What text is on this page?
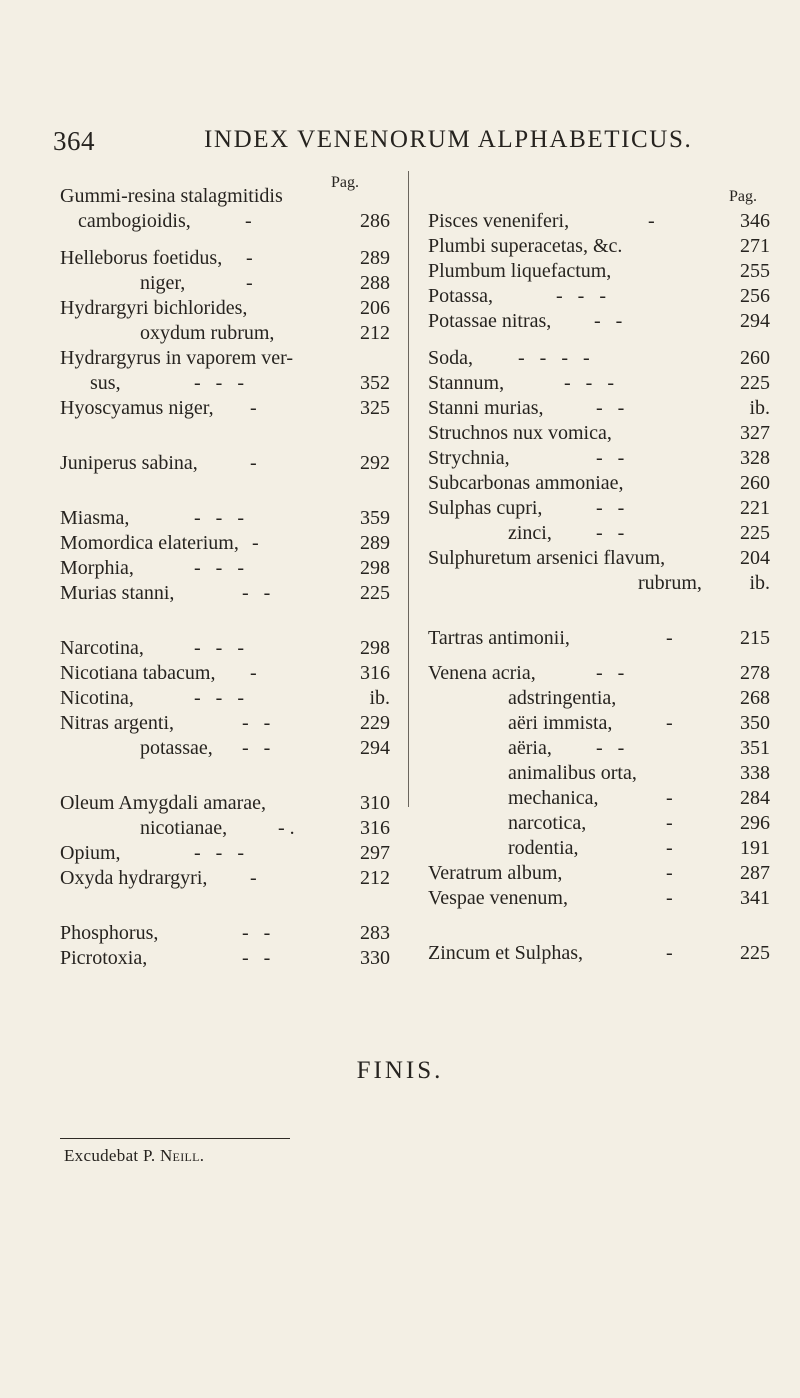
364	INDEX VENENORUM ALPHABETICUS.
Pag.
Gummi-resina stalagmitidis
cambogioidis,	-	286
Helleborus foetidus, -	289
niger,	-	288
Hydrargyri bichlorides,	206
oxydum rubrum,	212
Hydrargyrus in vaporem ver-
sus,	-   -   -	352
Hyoscyamus niger, -	325
Juniperus sabina,	-	292
Miasma,	-   -   -	359
Momordica elaterium, -	289
Morphia,	-   -   -	298
Murias stanni,	-   -	225
Narcotina,	-   -   -	298
Nicotiana tabacum, -	316
Nicotina,	-   -   -	ib.
Nitras argenti,	-   -	229
potassae, -   -	294
Oleum Amygdali amarae,	310
nicotianae,	- .	316
Opium,	-   -   -	297
Oxyda hydrargyri, -	212
Phosphorus,	-   -	283
Picrotoxia,	-   -	330
Pag.
Pisces veneniferi,	-	346
Plumbi superacetas, &c.	271
Plumbum liquefactum,	255
Potassa,	-   -   -	256
Potassae nitras, -   -	294
Soda, -   -   -   -	260
Stannum,	-   -   -	225
Stanni murias,	-   -	ib.
Struchnos nux vomica,	327
Strychnia,	-   -	328
Subcarbonas ammoniae,	260
Sulphas cupri,	-   -	221
zinci, -   -	225
Sulphuretum arsenici flavum,	204
rubrum, ib.
Tartras antimonii,	-	215
Venena acria,	-   -	278
adstringentia,	268
aëri immista,	-	350
aëria, -   -	351
animalibus orta,	338
mechanica,	-	284
narcotica,	-	296
rodentia,	-	191
Veratrum album,	-	287
Vespae venenum,	-	341
Zincum et Sulphas,	-	225
FINIS.
Excudebat P. Neill.
